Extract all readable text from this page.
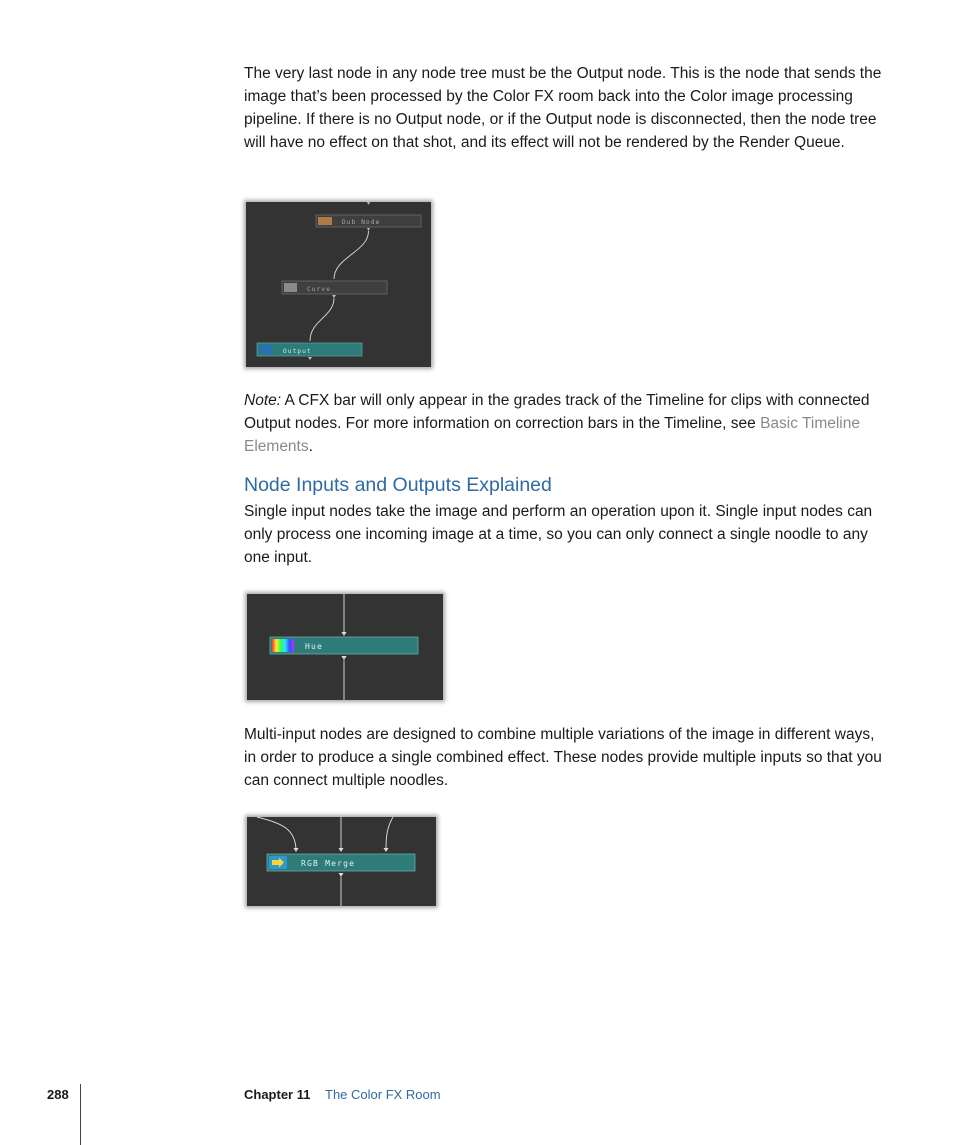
The very last node in any node tree must be the Output node. This is the node that sends the image that’s been processed by the Color FX room back into the Color image processing pipeline. If there is no Output node, or if the Output node is disconnected, then the node tree will have no effect on that shot, and its effect will not be rendered by the Render Queue.

Dub Node
Curve
Output

Note: A CFX bar will only appear in the grades track of the Timeline for clips with connected Output nodes. For more information on correction bars in the Timeline, see Basic Timeline Elements.

Node Inputs and Outputs Explained

Single input nodes take the image and perform an operation upon it. Single input nodes can only process one incoming image at a time, so you can only connect a single noodle to any one input.

Hue

Multi-input nodes are designed to combine multiple variations of the image in different ways, in order to produce a single combined effect. These nodes provide multiple inputs so that you can connect multiple noodles.

RGB Merge
288	Chapter 11 The Color FX Room
